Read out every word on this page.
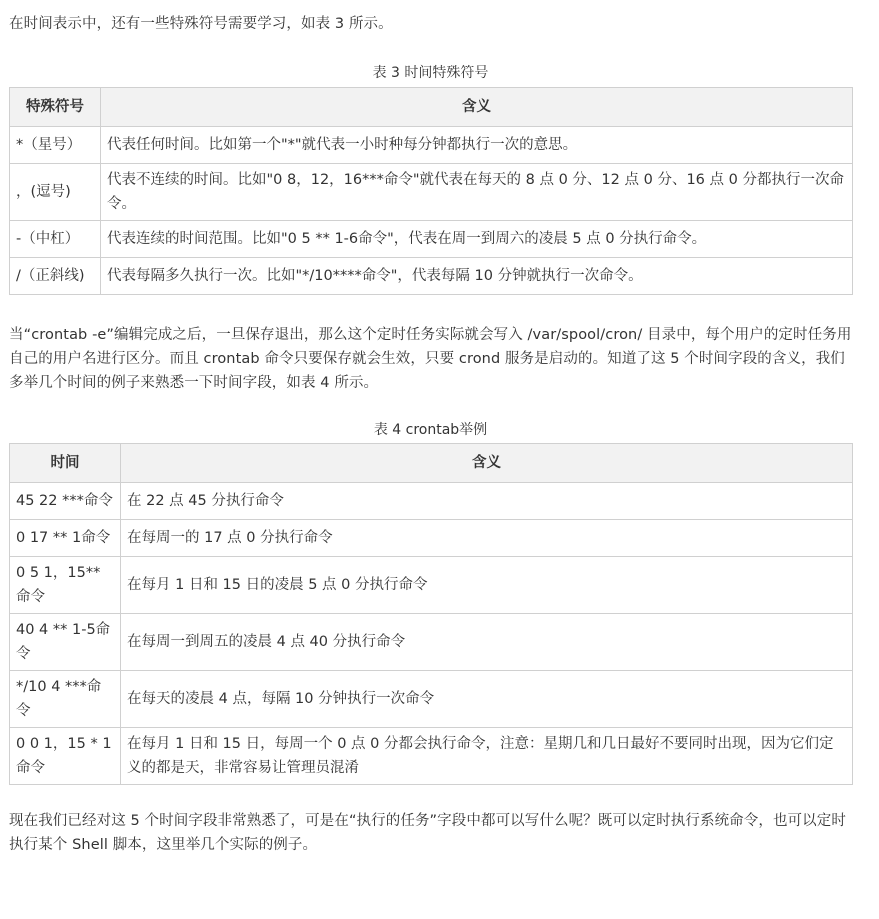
在时间表示中，还有一些特殊符号需要学习，如表 3 所示。

表 3 时间特殊符号

特殊符号	含义
*（星号）	代表任何时间。比如第一个"*"就代表一小时种每分钟都执行一次的意思。
，(逗号)	代表不连续的时间。比如"0 8，12，16***命令"就代表在每天的 8 点 0 分、12 点 0 分、16 点 0 分都执行一次命令。
-（中杠）	代表连续的时间范围。比如"0 5 ** 1-6命令"，代表在周一到周六的凌晨 5 点 0 分执行命令。
/（正斜线)	代表每隔多久执行一次。比如"*/10****命令"，代表每隔 10 分钟就执行一次命令。

当“crontab -e”编辑完成之后，一旦保存退出，那么这个定时任务实际就会写入 /var/spool/cron/ 目录中，每个用户的定时任务用自己的用户名进行区分。而且 crontab 命令只要保存就会生效，只要 crond 服务是启动的。知道了这 5 个时间字段的含义，我们多举几个时间的例子来熟悉一下时间字段，如表 4 所示。

表 4 crontab举例

时间	含义
45 22 ***命令	在 22 点 45 分执行命令
0 17 ** 1命令	在每周一的 17 点 0 分执行命令
0 5 1，15**命令	在每月 1 日和 15 日的凌晨 5 点 0 分执行命令
40 4 ** 1-5命令	在每周一到周五的凌晨 4 点 40 分执行命令
*/10 4 ***命令	在每天的凌晨 4 点，每隔 10 分钟执行一次命令
0 0 1，15 * 1命令	在每月 1 日和 15 日，每周一个 0 点 0 分都会执行命令，注意：星期几和几日最好不要同时出现，因为它们定义的都是天，非常容易让管理员混淆

现在我们已经对这 5 个时间字段非常熟悉了，可是在“执行的任务”字段中都可以写什么呢？既可以定时执行系统命令，也可以定时执行某个 Shell 脚本，这里举几个实际的例子。
